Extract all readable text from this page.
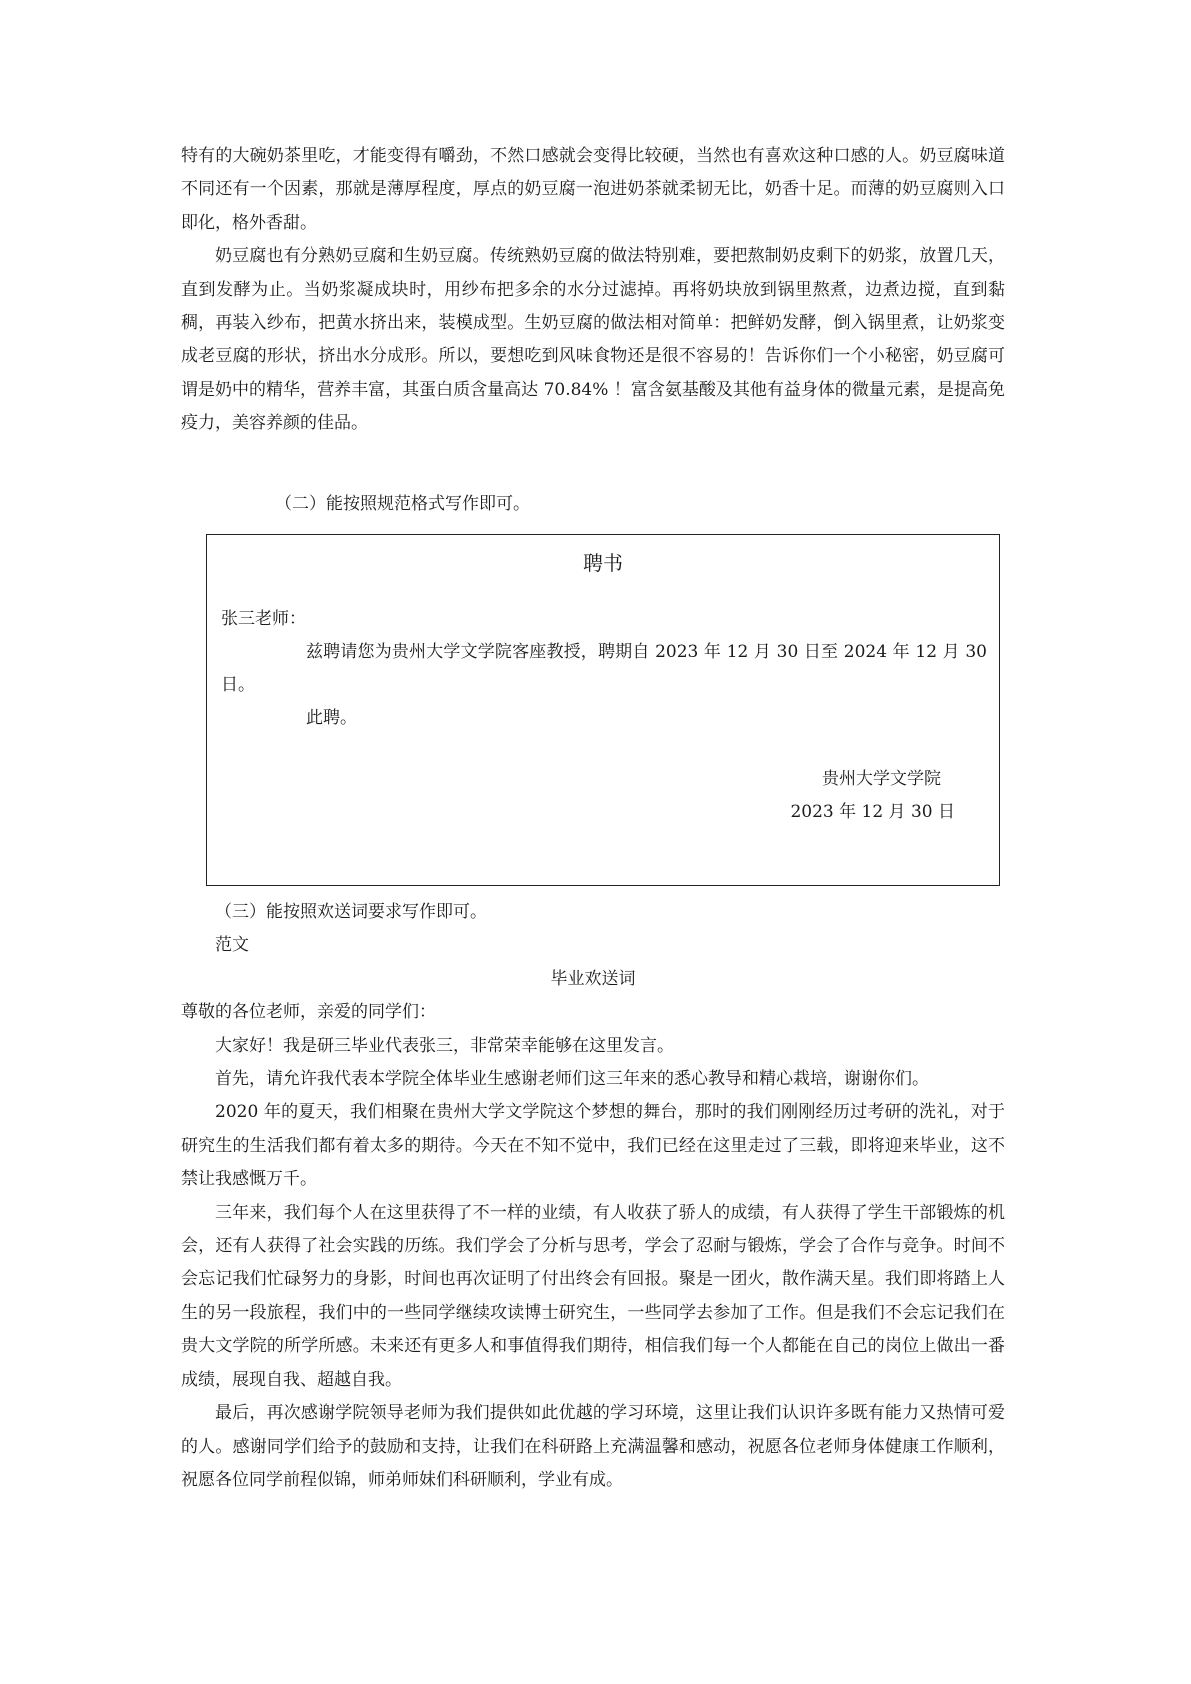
特有的大碗奶茶里吃，才能变得有嚼劲，不然口感就会变得比较硬，当然也有喜欢这种口感的人。奶豆腐味道不同还有一个因素，那就是薄厚程度，厚点的奶豆腐一泡进奶茶就柔韧无比，奶香十足。而薄的奶豆腐则入口即化，格外香甜。

奶豆腐也有分熟奶豆腐和生奶豆腐。传统熟奶豆腐的做法特别难，要把熬制奶皮剩下的奶浆，放置几天，直到发酵为止。当奶浆凝成块时，用纱布把多余的水分过滤掉。再将奶块放到锅里熬煮，边煮边搅，直到黏稠，再装入纱布，把黄水挤出来，装模成型。生奶豆腐的做法相对简单：把鲜奶发酵，倒入锅里煮，让奶浆变成老豆腐的形状，挤出水分成形。所以，要想吃到风味食物还是很不容易的！告诉你们一个小秘密，奶豆腐可谓是奶中的精华，营养丰富，其蛋白质含量高达 70.84% ！富含氨基酸及其他有益身体的微量元素，是提高免疫力，美容养颜的佳品。

（二）能按照规范格式写作即可。
聘书

张三老师：

兹聘请您为贵州大学文学院客座教授，聘期自 2023 年 12 月 30 日至 2024 年 12 月 30 日。

此聘。

贵州大学文学院
2023 年 12 月 30 日

（三）能按照欢送词要求写作即可。

范文

毕业欢送词

尊敬的各位老师，亲爱的同学们：

大家好！我是研三毕业代表张三，非常荣幸能够在这里发言。

首先，请允许我代表本学院全体毕业生感谢老师们这三年来的悉心教导和精心栽培，谢谢你们。

2020 年的夏天，我们相聚在贵州大学文学院这个梦想的舞台，那时的我们刚刚经历过考研的洗礼，对于研究生的生活我们都有着太多的期待。今天在不知不觉中，我们已经在这里走过了三载，即将迎来毕业，这不禁让我感慨万千。

三年来，我们每个人在这里获得了不一样的业绩，有人收获了骄人的成绩，有人获得了学生干部锻炼的机会，还有人获得了社会实践的历练。我们学会了分析与思考，学会了忍耐与锻炼，学会了合作与竞争。时间不会忘记我们忙碌努力的身影，时间也再次证明了付出终会有回报。聚是一团火，散作满天星。我们即将踏上人生的另一段旅程，我们中的一些同学继续攻读博士研究生，一些同学去参加了工作。但是我们不会忘记我们在贵大文学院的所学所感。未来还有更多人和事值得我们期待，相信我们每一个人都能在自己的岗位上做出一番成绩，展现自我、超越自我。

最后，再次感谢学院领导老师为我们提供如此优越的学习环境，这里让我们认识许多既有能力又热情可爱的人。感谢同学们给予的鼓励和支持，让我们在科研路上充满温馨和感动，祝愿各位老师身体健康工作顺利，祝愿各位同学前程似锦，师弟师妹们科研顺利，学业有成。
